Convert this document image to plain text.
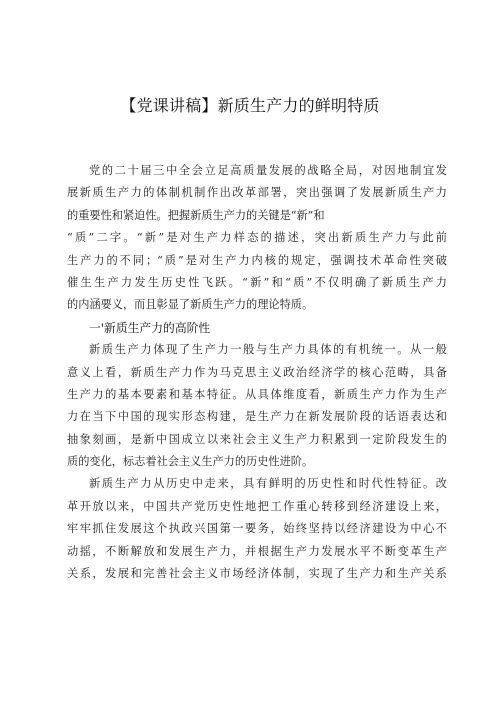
【党课讲稿】新质生产力的鲜明特质
党的二十届三中全会立足高质量发展的战略全局，对因地制宜发
展新质生产力的体制机制作出改革部署，突出强调了发展新质生产力
的重要性和紧迫性。把握新质生产力的关键是“新”和
“质”二字。“新”是对生产力样态的描述，突出新质生产力与此前
生产力的不同；“质”是对生产力内核的规定，强调技术革命性突破
催生生产力发生历史性飞跃。“新”和“质”不仅明确了新质生产力
的内涵要义，而且彰显了新质生产力的理论特质。
一'新质生产力的高阶性
新质生产力体现了生产力一般与生产力具体的有机统一。从一般
意义上看，新质生产力作为马克思主义政治经济学的核心范畴，具备
生产力的基本要素和基本特征。从具体维度看，新质生产力作为生产
力在当下中国的现实形态构建，是生产力在新发展阶段的话语表达和
抽象刻画，是新中国成立以来社会主义生产力积累到一定阶段发生的
质的变化，标志着社会主义生产力的历史性进阶。
新质生产力从历史中走来，具有鲜明的历史性和时代性特征。改
革开放以来，中国共产党历史性地把工作重心转移到经济建设上来，
牢牢抓住发展这个执政兴国第一要务，始终坚持以经济建设为中心不
动摇，不断解放和发展生产力，并根据生产力发展水平不断变革生产
关系，发展和完善社会主义市场经济体制，实现了生产力和生产关系
